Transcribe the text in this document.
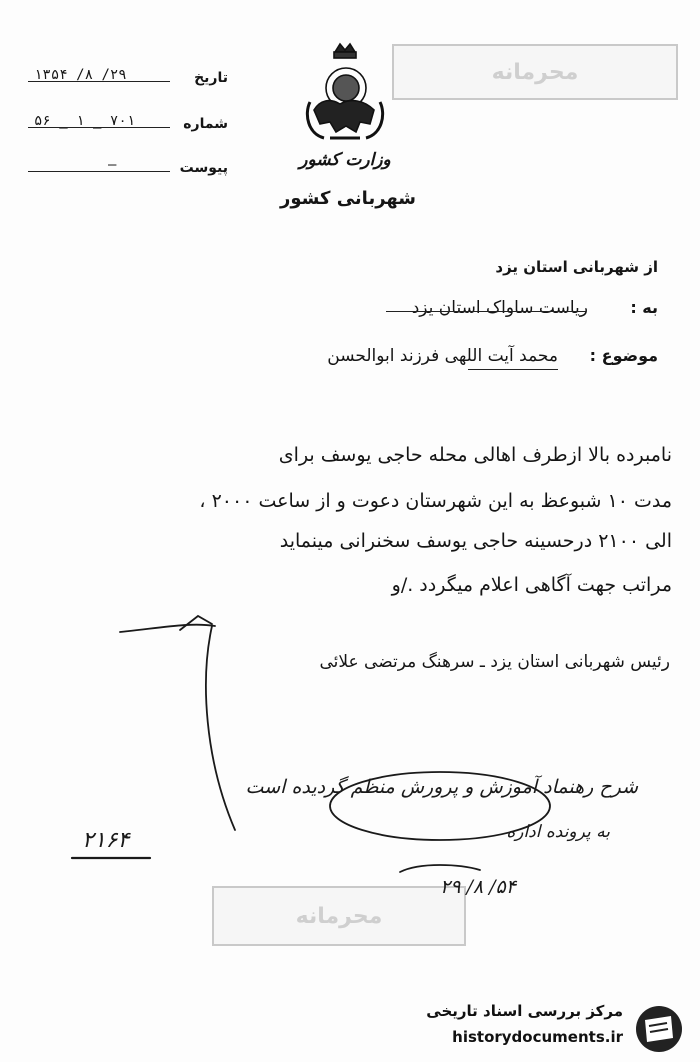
تاریخ
۲۹/ ۸/ ۱۳۵۴
شماره
۷۰۱ _ ۱ _ ۵۶
پیوست
—
محرمانه
وزارت کشور
شهربانی کشور
از شهربانی استان یزد
به :
ریاست ساواک استان یزد
موضوع :
محمد آیت اللهی فرزند ابوالحسن
نامبرده بالا ازطرف اهالی محله حاجی یوسف برای
مدت ۱۰ شبوعظ به این شهرستان دعوت و از ساعت ۲۰۰۰ ،
الی ۲۱۰۰ درحسینه حاجی یوسف سخنرانی مینماید
مراتب جهت آگاهی اعلام میگردد ./و
رئیس شهربانی استان یزد ـ سرهنگ مرتضی علائی
شرح رهنماد آموزش و پرورش منظم گردیده است
به پرونده اداره
۲۱۶۴
محرمانه
۵۴/ ۸/ ۲۹
مرکز بررسی اسناد تاریخی
historydocuments.ir
